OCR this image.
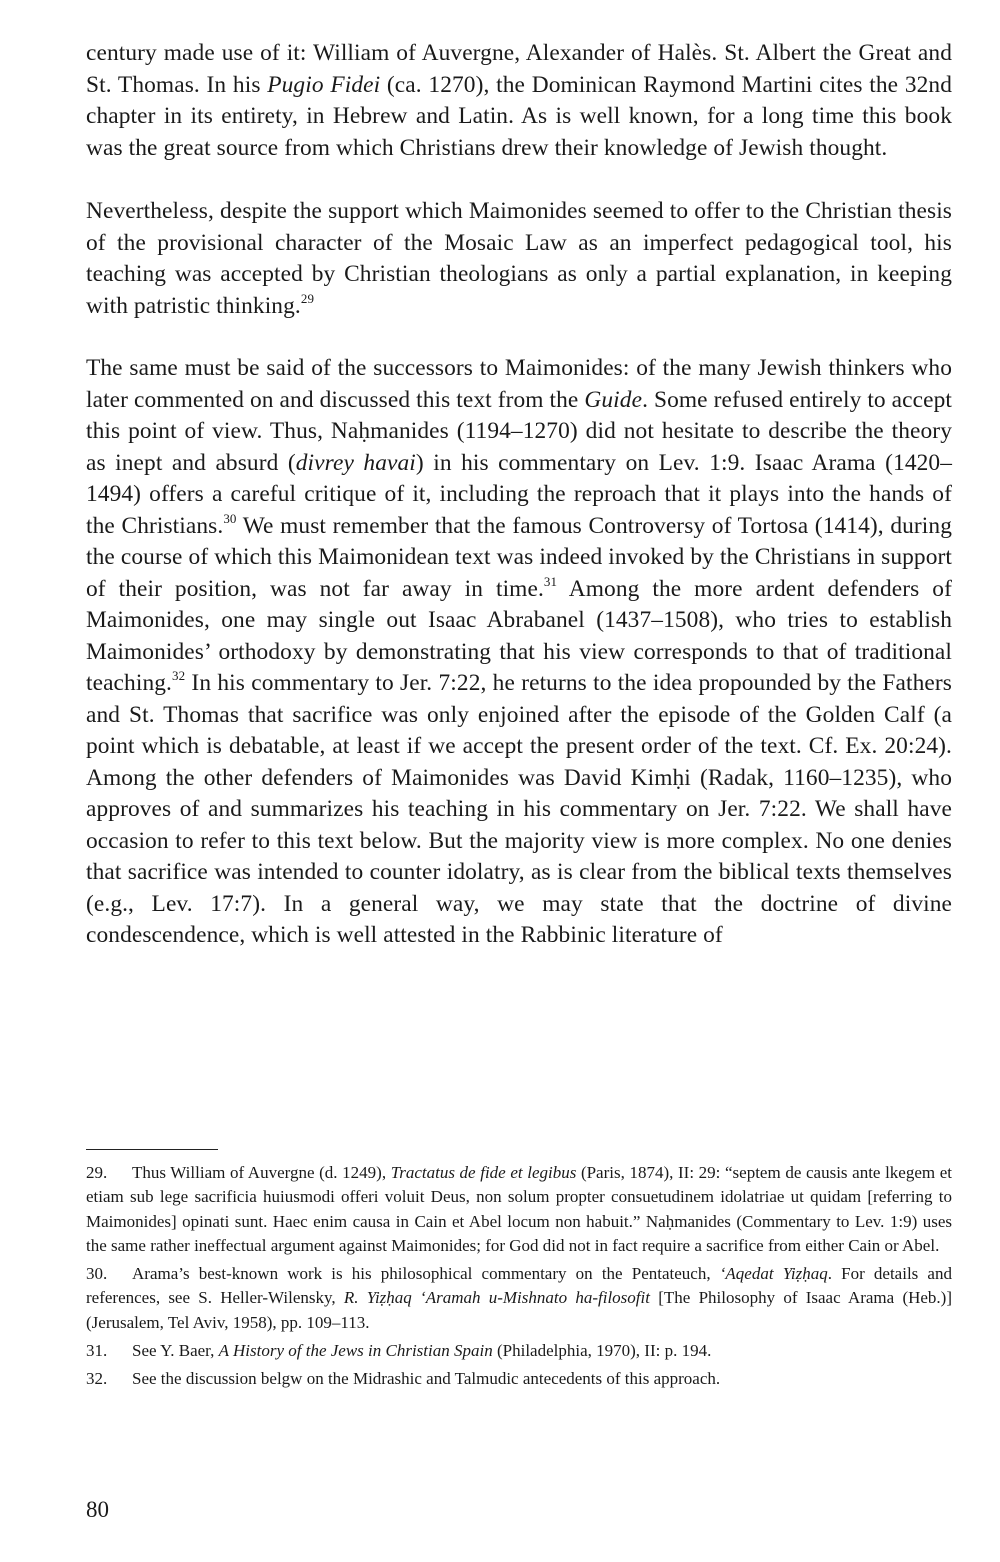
century made use of it: William of Auvergne, Alexander of Halès. St. Albert the Great and St. Thomas. In his Pugio Fidei (ca. 1270), the Dominican Raymond Martini cites the 32nd chapter in its entirety, in Hebrew and Latin. As is well known, for a long time this book was the great source from which Christians drew their knowledge of Jewish thought.

Nevertheless, despite the support which Maimonides seemed to offer to the Christian thesis of the provisional character of the Mosaic Law as an imperfect pedagogical tool, his teaching was accepted by Christian theologians as only a partial explanation, in keeping with patristic thinking.$^{29}$

The same must be said of the successors to Maimonides: of the many Jewish thinkers who later commented on and discussed this text from the Guide. Some refused entirely to accept this point of view. Thus, Naḥmanides (1194–1270) did not hesitate to describe the theory as inept and absurd (divrey havai) in his commentary on Lev. 1:9. Isaac Arama (1420–1494) offers a careful critique of it, including the reproach that it plays into the hands of the Christians.$^{30}$ We must remember that the famous Controversy of Tortosa (1414), during the course of which this Maimonidean text was indeed invoked by the Christians in support of their position, was not far away in time.$^{31}$ Among the more ardent defenders of Maimonides, one may single out Isaac Abrabanel (1437–1508), who tries to establish Maimonides’ orthodoxy by demonstrating that his view corresponds to that of traditional teaching.$^{32}$ In his commentary to Jer. 7:22, he returns to the idea propounded by the Fathers and St. Thomas that sacrifice was only enjoined after the episode of the Golden Calf (a point which is debatable, at least if we accept the present order of the text. Cf. Ex. 20:24). Among the other defenders of Maimonides was David Kimḥi (Radak, 1160–1235), who approves of and summarizes his teaching in his commentary on Jer. 7:22. We shall have occasion to refer to this text below. But the majority view is more complex. No one denies that sacrifice was intended to counter idolatry, as is clear from the biblical texts themselves (e.g., Lev. 17:7). In a general way, we may state that the doctrine of divine condescendence, which is well attested in the Rabbinic literature of

29. Thus William of Auvergne (d. 1249), Tractatus de fide et legibus (Paris, 1874), II: 29: “septem de causis ante lkegem et etiam sub lege sacrificia huiusmodi offeri voluit Deus, non solum propter consuetudinem idolatriae ut quidam [referring to Maimonides] opinati sunt. Haec enim causa in Cain et Abel locum non habuit.” Naḥmanides (Commentary to Lev. 1:9) uses the same rather ineffectual argument against Maimonides; for God did not in fact require a sacrifice from either Cain or Abel.

30. Arama’s best-known work is his philosophical commentary on the Pentateuch, ‘Aqedat Yiẓḥaq. For details and references, see S. Heller-Wilensky, R. Yiẓḥaq ‘Aramah u-Mishnato ha-filosofit [The Philosophy of Isaac Arama (Heb.)] (Jerusalem, Tel Aviv, 1958), pp. 109–113.

31. See Y. Baer, A History of the Jews in Christian Spain (Philadelphia, 1970), II: p. 194.

32. See the discussion belgw on the Midrashic and Talmudic antecedents of this approach.

80
